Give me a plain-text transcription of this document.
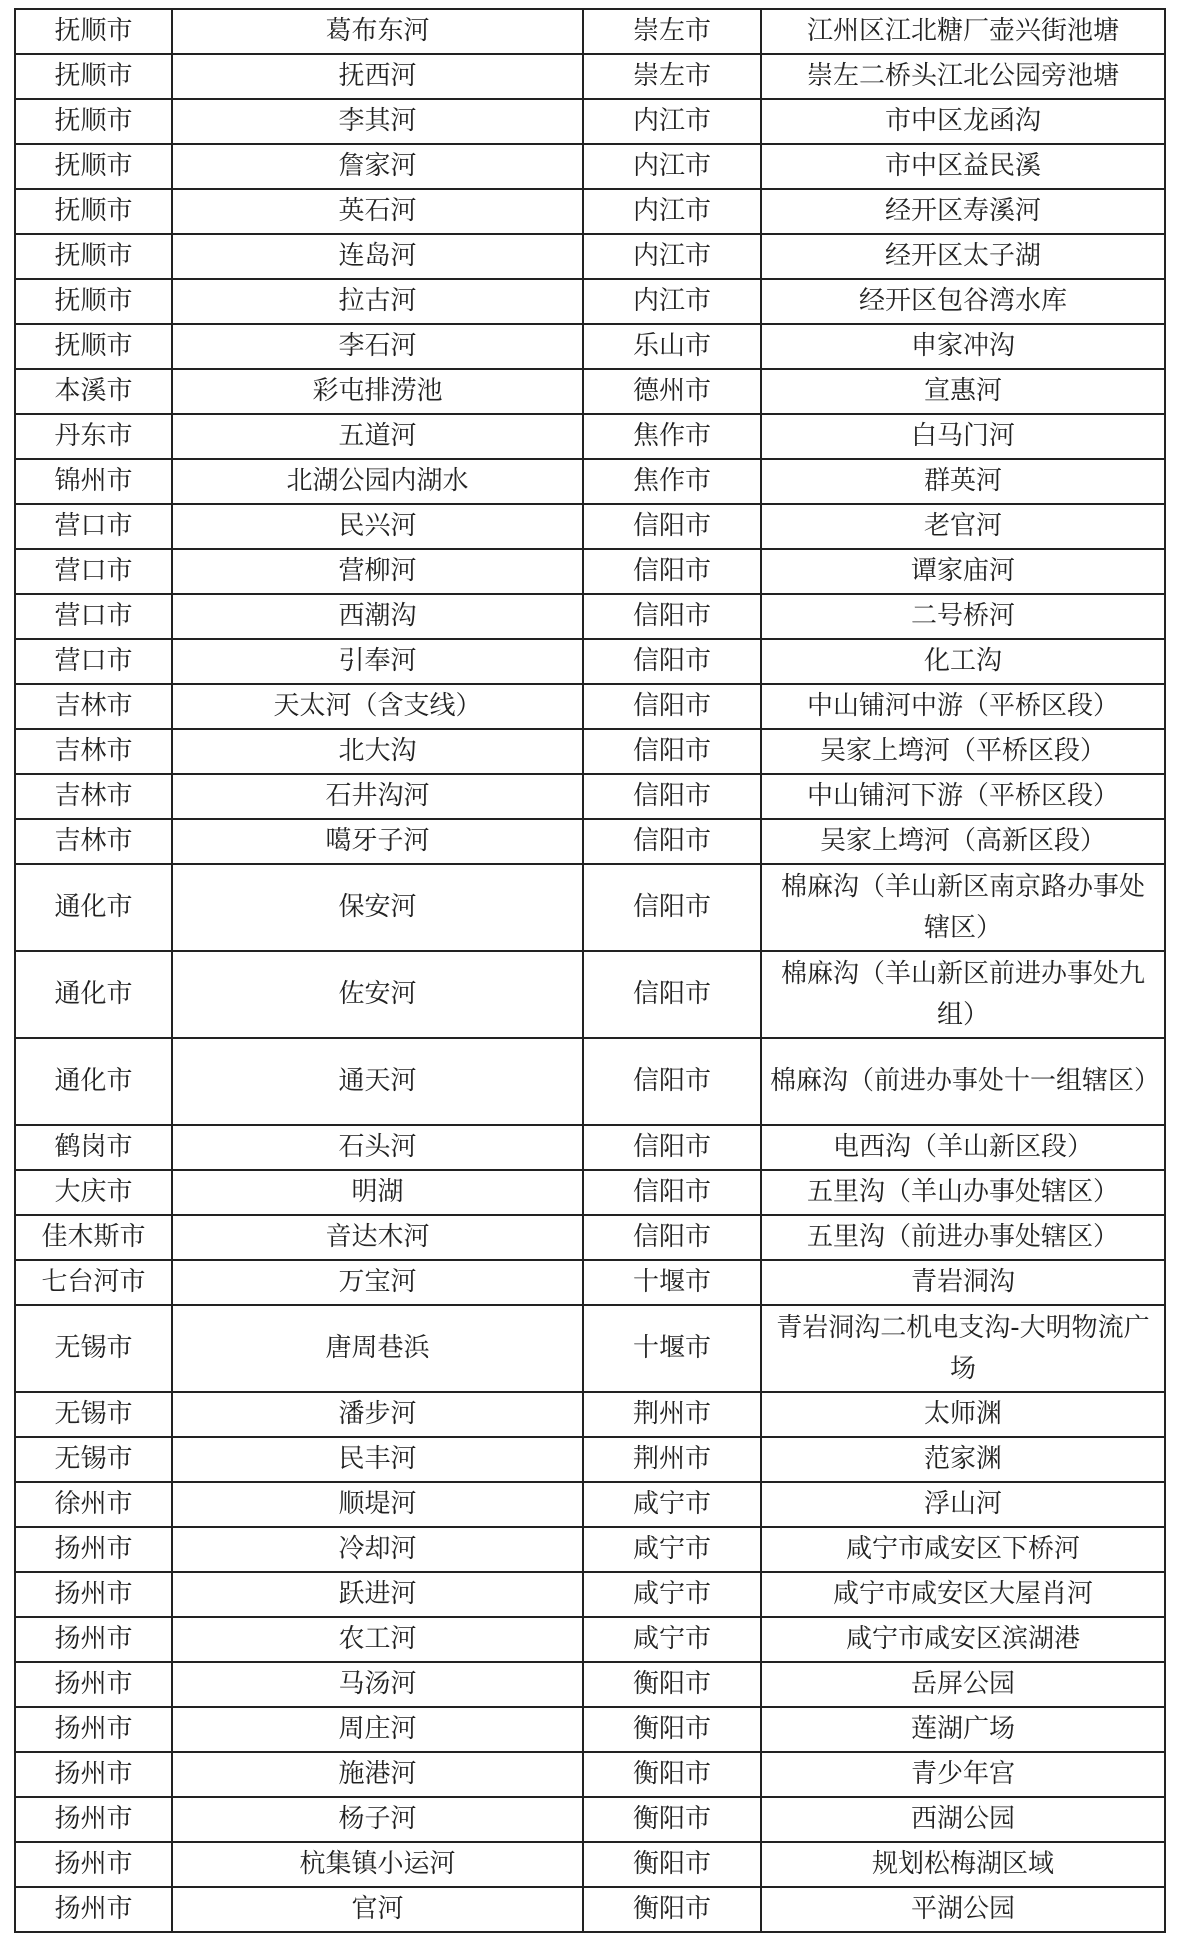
抚顺市	葛布东河	崇左市	江州区江北糖厂壶兴街池塘
抚顺市	抚西河	崇左市	崇左二桥头江北公园旁池塘
抚顺市	李其河	内江市	市中区龙函沟
抚顺市	詹家河	内江市	市中区益民溪
抚顺市	英石河	内江市	经开区寿溪河
抚顺市	连岛河	内江市	经开区太子湖
抚顺市	拉古河	内江市	经开区包谷湾水库
抚顺市	李石河	乐山市	申家冲沟
本溪市	彩屯排涝池	德州市	宣惠河
丹东市	五道河	焦作市	白马门河
锦州市	北湖公园内湖水	焦作市	群英河
营口市	民兴河	信阳市	老官河
营口市	营柳河	信阳市	谭家庙河
营口市	西潮沟	信阳市	二号桥河
营口市	引奉河	信阳市	化工沟
吉林市	天太河（含支线）	信阳市	中山铺河中游（平桥区段）
吉林市	北大沟	信阳市	吴家上塆河（平桥区段）
吉林市	石井沟河	信阳市	中山铺河下游（平桥区段）
吉林市	噶牙子河	信阳市	吴家上塆河（高新区段）
通化市	保安河	信阳市	棉麻沟（羊山新区南京路办事处辖区）
通化市	佐安河	信阳市	棉麻沟（羊山新区前进办事处九组）
通化市	通天河	信阳市	棉麻沟（前进办事处十一组辖区）
鹤岗市	石头河	信阳市	电西沟（羊山新区段）
大庆市	明湖	信阳市	五里沟（羊山办事处辖区）
佳木斯市	音达木河	信阳市	五里沟（前进办事处辖区）
七台河市	万宝河	十堰市	青岩洞沟
无锡市	唐周巷浜	十堰市	青岩洞沟二机电支沟-大明物流广场
无锡市	潘步河	荆州市	太师渊
无锡市	民丰河	荆州市	范家渊
徐州市	顺堤河	咸宁市	浮山河
扬州市	冷却河	咸宁市	咸宁市咸安区下桥河
扬州市	跃进河	咸宁市	咸宁市咸安区大屋肖河
扬州市	农工河	咸宁市	咸宁市咸安区滨湖港
扬州市	马汤河	衡阳市	岳屏公园
扬州市	周庄河	衡阳市	莲湖广场
扬州市	施港河	衡阳市	青少年宫
扬州市	杨子河	衡阳市	西湖公园
扬州市	杭集镇小运河	衡阳市	规划松梅湖区域
扬州市	官河	衡阳市	平湖公园
